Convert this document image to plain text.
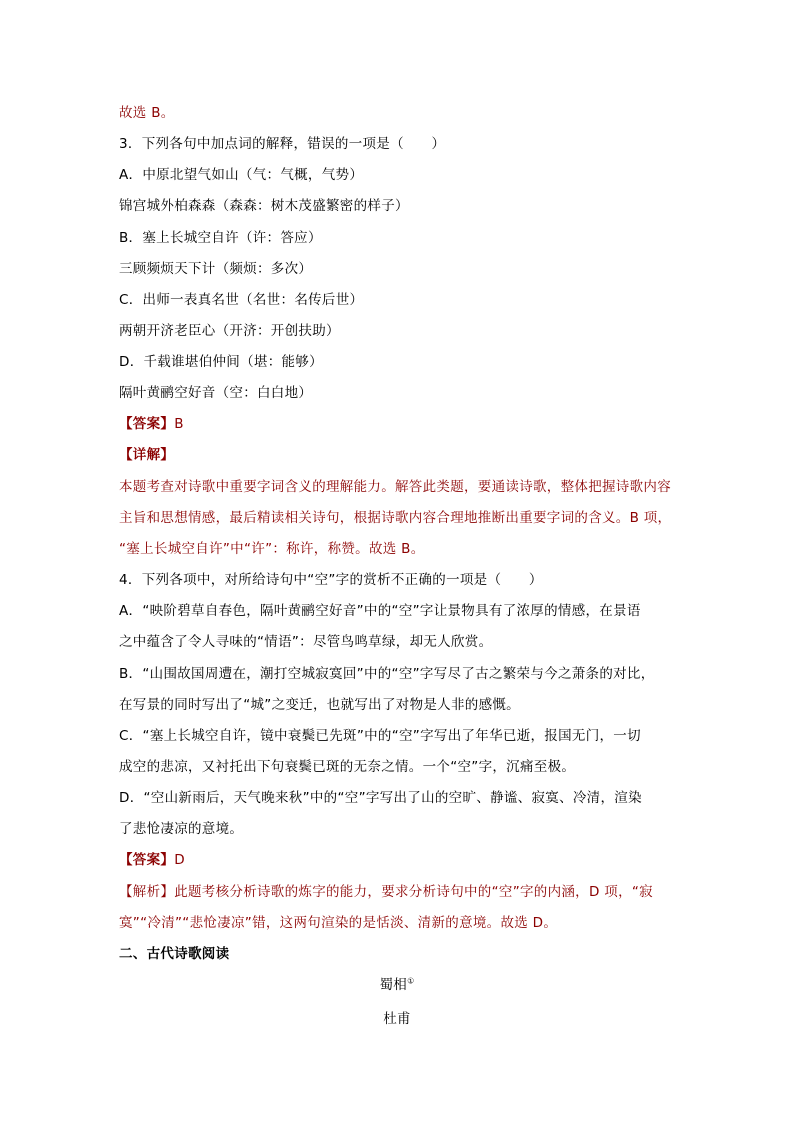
故选 B。
3．下列各句中加点词的解释，错误的一项是（　　）
A．中原北望气如山（气：气概，气势）
锦宫城外柏森森（森森：树木茂盛繁密的样子）
B．塞上长城空自许（许：答应）
三顾频烦天下计（频烦：多次）
C．出师一表真名世（名世：名传后世）
两朝开济老臣心（开济：开创扶助）
D．千载谁堪伯仲间（堪：能够）
隔叶黄鹂空好音（空：白白地）
【答案】B
【详解】
本题考查对诗歌中重要字词含义的理解能力。解答此类题，要通读诗歌，整体把握诗歌内容
主旨和思想情感，最后精读相关诗句，根据诗歌内容合理地推断出重要字词的含义。B 项，
“塞上长城空自许”中“许”：称许，称赞。故选 B。
4．下列各项中，对所给诗句中“空”字的赏析不正确的一项是（　　）
A．“映阶碧草自春色，隔叶黄鹂空好音”中的“空”字让景物具有了浓厚的情感，在景语
之中蕴含了令人寻味的“情语”：尽管鸟鸣草绿，却无人欣赏。
B．“山围故国周遭在，潮打空城寂寞回”中的“空”字写尽了古之繁荣与今之萧条的对比，
在写景的同时写出了“城”之变迁，也就写出了对物是人非的感慨。
C．“塞上长城空自许，镜中衰鬓已先斑”中的“空”字写出了年华已逝，报国无门，一切
成空的悲凉，又衬托出下句衰鬓已斑的无奈之情。一个“空”字，沉痛至极。
D．“空山新雨后，天气晚来秋”中的“空”字写出了山的空旷、静谧、寂寞、冷清，渲染
了悲怆凄凉的意境。
【答案】D
【解析】此题考核分析诗歌的炼字的能力，要求分析诗句中的“空”字的内涵，D 项，“寂
寞”“冷清”“悲怆凄凉”错，这两句渲染的是恬淡、清新的意境。故选 D。
二、古代诗歌阅读
蜀相①
杜甫
